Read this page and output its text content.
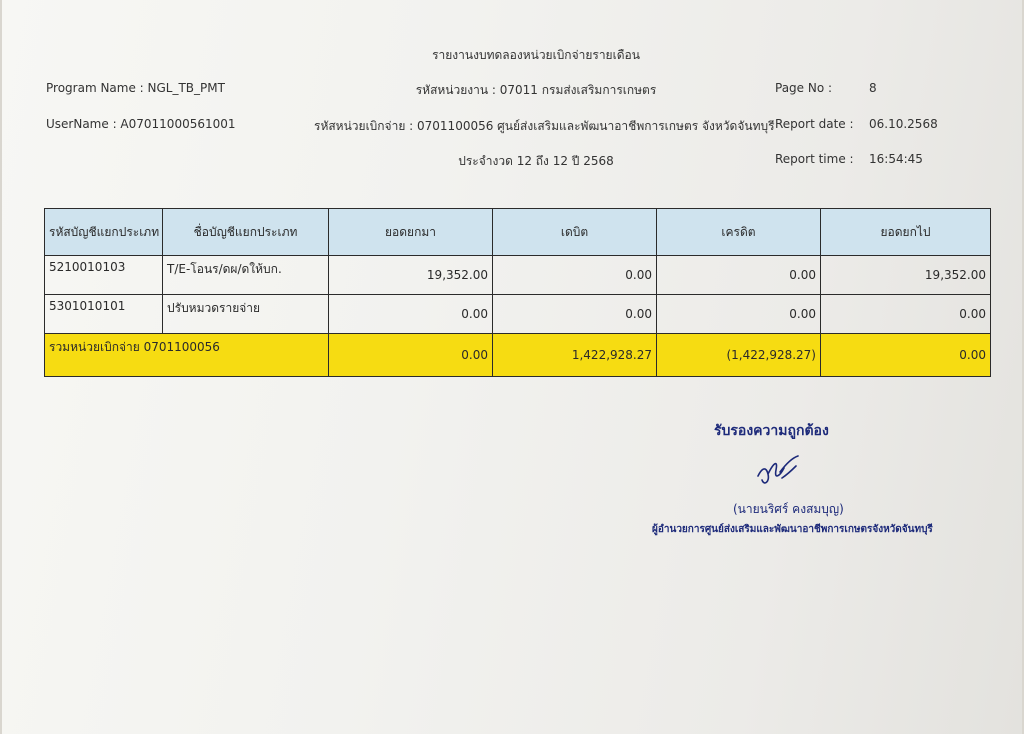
รายงานงบทดลองหน่วยเบิกจ่ายรายเดือน
Program Name : NGL_TB_PMT	รหัสหน่วยงาน : 07011 กรมส่งเสริมการเกษตร	Page No :	8
UserName : A07011000561001	รหัสหน่วยเบิกจ่าย : 0701100056 ศูนย์ส่งเสริมและพัฒนาอาชีพการเกษตร จังหวัดจันทบุรี Report date : 06.10.2568
ประจำงวด 12 ถึง 12 ปี 2568	Report time : 16:54:45
รหัสบัญชีแยกประเภท	ชื่อบัญชีแยกประเภท	ยอดยกมา	เดบิต	เครดิต	ยอดยกไป
5210010103	T/E-โอนร/ดผ/ดให้บก.	19,352.00	0.00	0.00	19,352.00
5301010101	ปรับหมวดรายจ่าย	0.00	0.00	0.00	0.00
รวมหน่วยเบิกจ่าย 0701100056		0.00	1,422,928.27	(1,422,928.27)	0.00
รับรองความถูกต้อง
(นายนริศร์ คงสมบุญ)
ผู้อำนวยการศูนย์ส่งเสริมและพัฒนาอาชีพการเกษตรจังหวัดจันทบุรี
